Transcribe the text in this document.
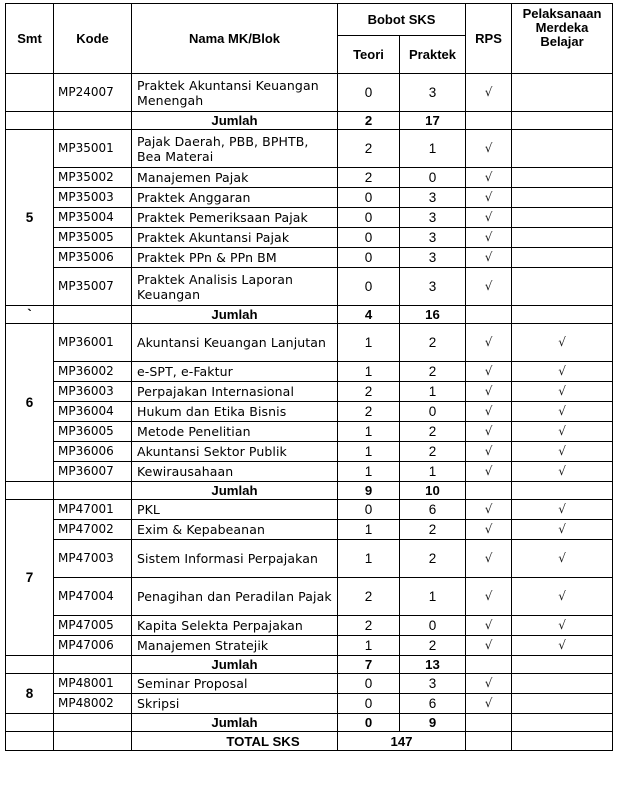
Smt	Kode	Nama MK/Blok	Bobot SKS		RPS	Pelaksanaan Merdeka Belajar
			Teori	Praktek		
	MP24007	Praktek Akuntansi Keuangan Menengah	0	3	√	
		Jumlah	2	17		
5	MP35001	Pajak Daerah, PBB, BPHTB, Bea Materai	2	1	√	
	MP35002	Manajemen Pajak	2	0	√	
	MP35003	Praktek Anggaran	0	3	√	
	MP35004	Praktek Pemeriksaan Pajak	0	3	√	
	MP35005	Praktek Akuntansi Pajak	0	3	√	
	MP35006	Praktek PPn & PPn BM	0	3	√	
	MP35007	Praktek Analisis Laporan Keuangan	0	3	√	
`		Jumlah	4	16		
6	MP36001	Akuntansi Keuangan Lanjutan	1	2	√	√
	MP36002	e-SPT, e-Faktur	1	2	√	√
	MP36003	Perpajakan Internasional	2	1	√	√
	MP36004	Hukum dan Etika Bisnis	2	0	√	√
	MP36005	Metode Penelitian	1	2	√	√
	MP36006	Akuntansi Sektor Publik	1	2	√	√
	MP36007	Kewirausahaan	1	1	√	√
		Jumlah	9	10		
7	MP47001	PKL	0	6	√	√
	MP47002	Exim & Kepabeanan	1	2	√	√
	MP47003	Sistem Informasi Perpajakan	1	2	√	√
	MP47004	Penagihan dan Peradilan Pajak	2	1	√	√
	MP47005	Kapita Selekta Perpajakan	2	0	√	√
	MP47006	Manajemen Stratejik	1	2	√	√
		Jumlah	7	13		
8	MP48001	Seminar Proposal	0	3	√	
	MP48002	Skripsi	0	6	√	
		Jumlah	0	9		
		TOTAL SKS	147			
